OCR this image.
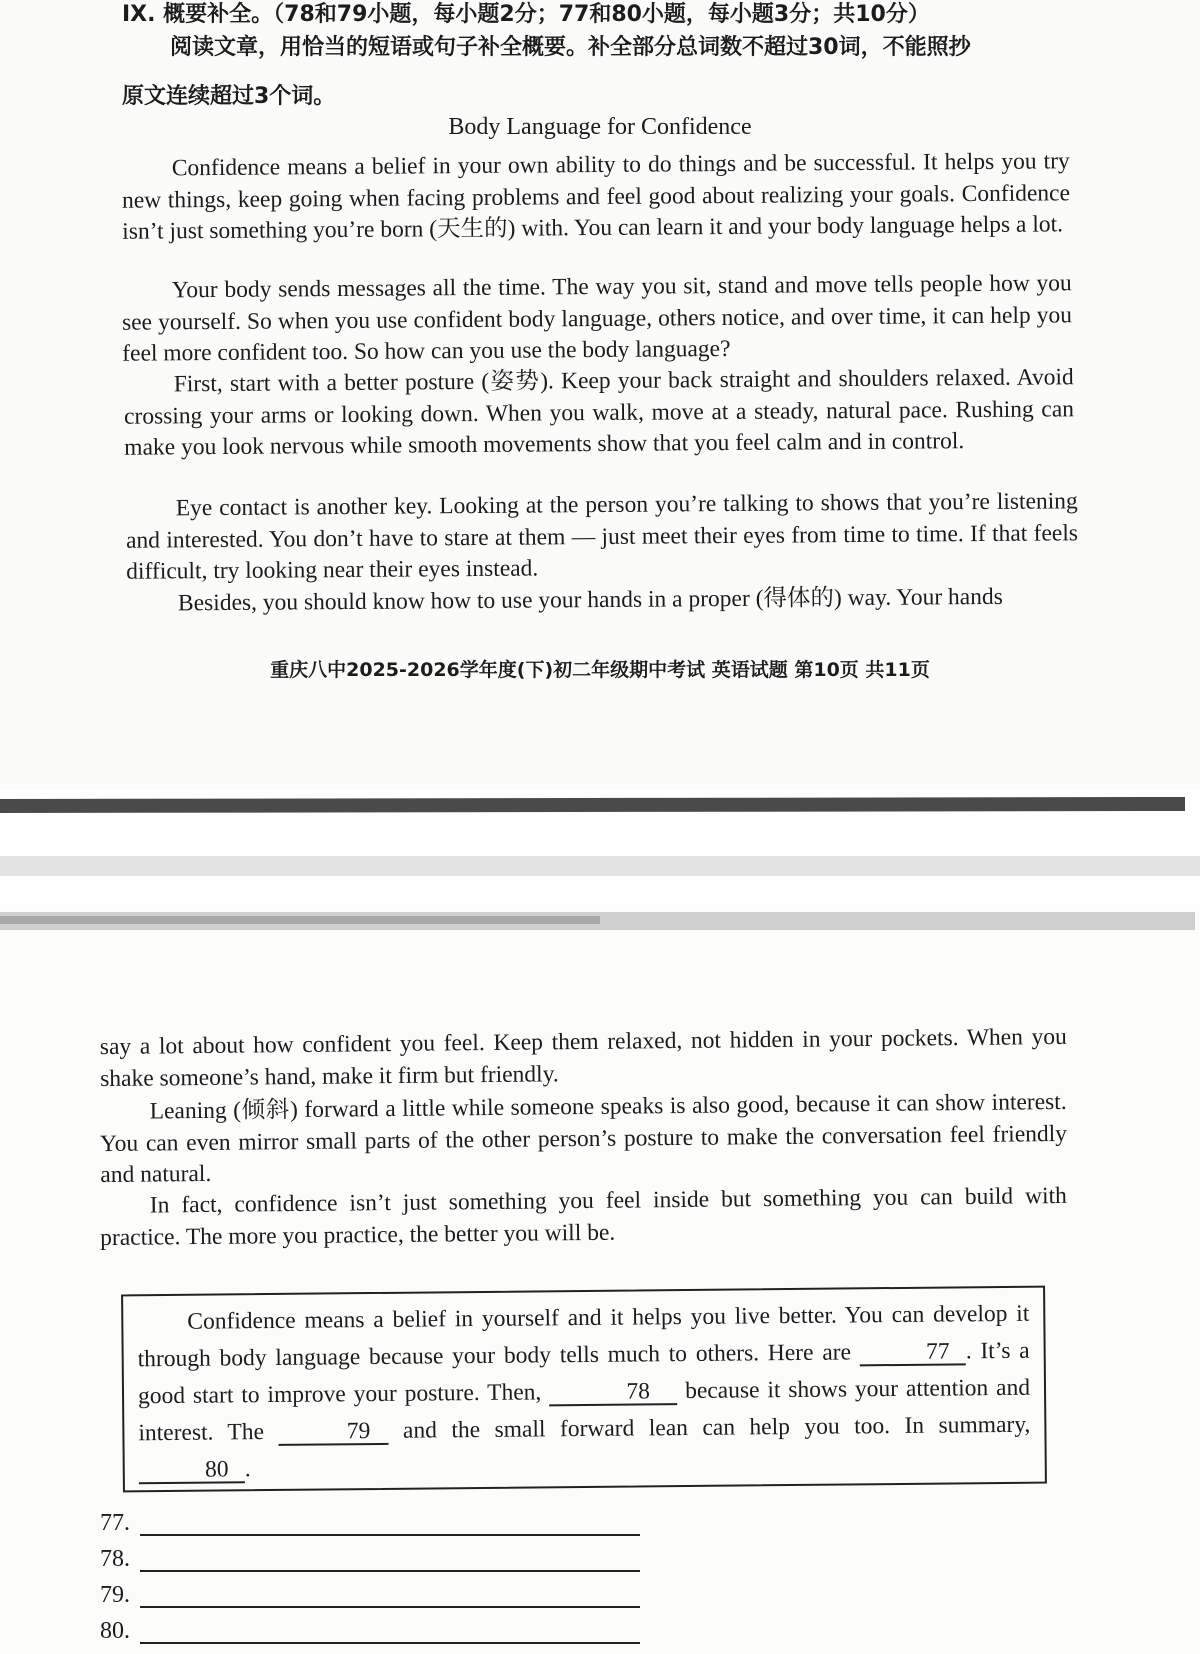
IX. 概要补全。（78和79小题，每小题2分；77和80小题，每小题3分；共10分）
阅读文章，用恰当的短语或句子补全概要。补全部分总词数不超过30词，不能照抄
原文连续超过3个词。
Body Language for Confidence
Confidence means a belief in your own ability to do things and be successful. It helps you try new things, keep going when facing problems and feel good about realizing your goals. Confidence isn’t just something you’re born (天生的) with. You can learn it and your body language helps a lot.
Your body sends messages all the time. The way you sit, stand and move tells people how you see yourself. So when you use confident body language, others notice, and over time, it can help you feel more confident too. So how can you use the body language?
First, start with a better posture (姿势). Keep your back straight and shoulders relaxed. Avoid crossing your arms or looking down. When you walk, move at a steady, natural pace. Rushing can make you look nervous while smooth movements show that you feel calm and in control.
Eye contact is another key. Looking at the person you’re talking to shows that you’re listening and interested. You don’t have to stare at them — just meet their eyes from time to time. If that feels difficult, try looking near their eyes instead.
Besides, you should know how to use your hands in a proper (得体的) way. Your hands
重庆八中2025-2026学年度(下)初二年级期中考试 英语试题 第10页 共11页
say a lot about how confident you feel. Keep them relaxed, not hidden in your pockets. When you shake someone’s hand, make it firm but friendly.
Leaning (倾斜) forward a little while someone speaks is also good, because it can show interest. You can even mirror small parts of the other person’s posture to make the conversation feel friendly and natural.
In fact, confidence isn’t just something you feel inside but something you can build with practice. The more you practice, the better you will be.
Confidence means a belief in yourself and it helps you live better. You can develop it through body language because your body tells much to others. Here are	77 . It’s a good start to improve your posture. Then,	78 because it shows your attention and interest. The	79 and the small forward lean can help you too. In summary, 80 .
77.
78.
79.
80.
